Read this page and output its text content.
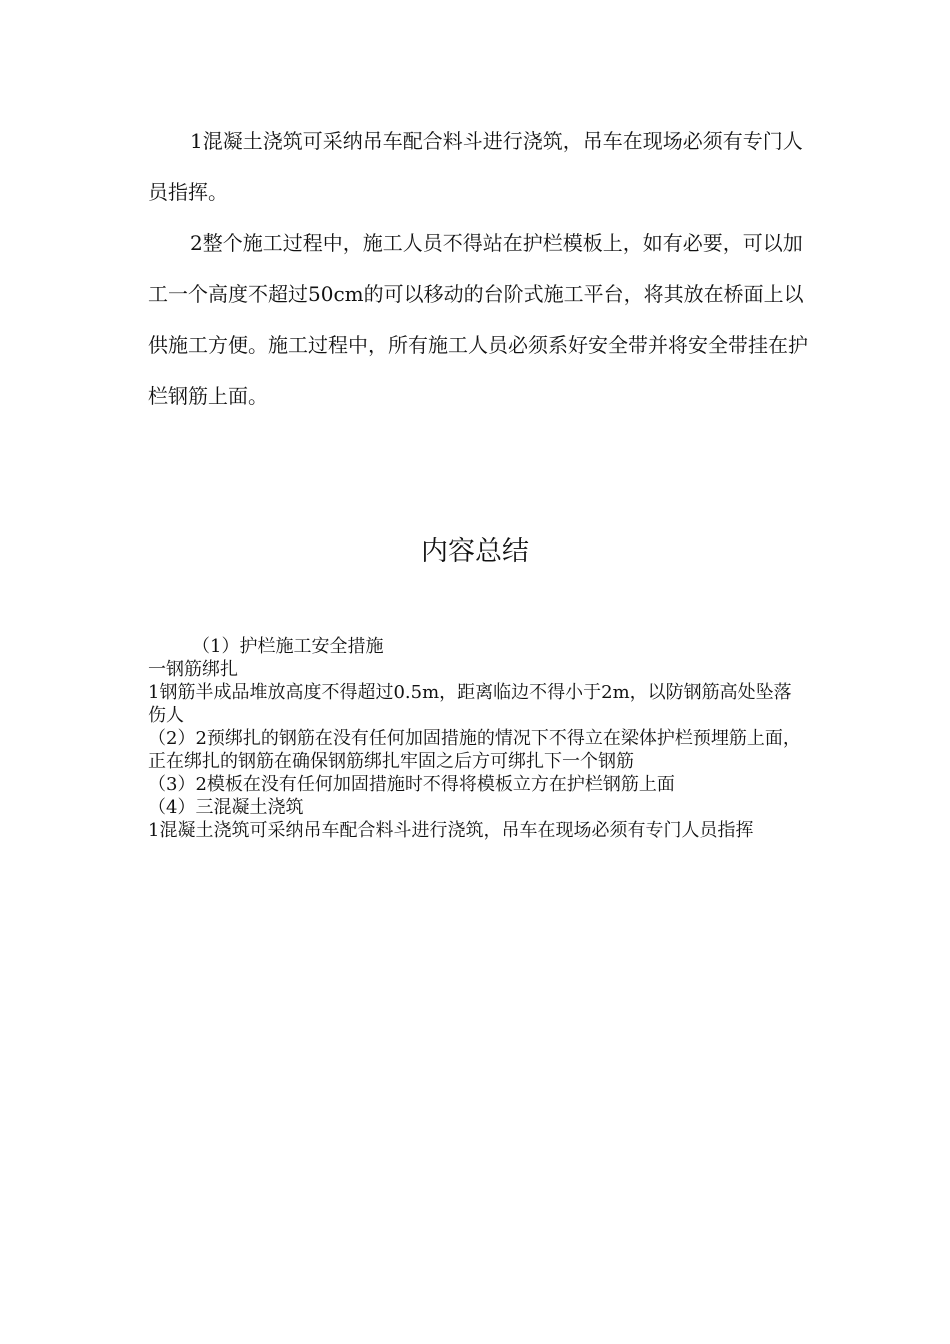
1混凝土浇筑可采纳吊车配合料斗进行浇筑，吊车在现场必须有专门人员指挥。

2整个施工过程中，施工人员不得站在护栏模板上，如有必要，可以加工一个高度不超过50cm的可以移动的台阶式施工平台，将其放在桥面上以供施工方便。施工过程中，所有施工人员必须系好安全带并将安全带挂在护栏钢筋上面。

内容总结
（1）护栏施工安全措施
一钢筋绑扎
1钢筋半成品堆放高度不得超过0.5m，距离临边不得小于2m，以防钢筋高处坠落伤人
（2）2预绑扎的钢筋在没有任何加固措施的情况下不得立在梁体护栏预埋筋上面，正在绑扎的钢筋在确保钢筋绑扎牢固之后方可绑扎下一个钢筋
（3）2模板在没有任何加固措施时不得将模板立方在护栏钢筋上面
（4）三混凝土浇筑
1混凝土浇筑可采纳吊车配合料斗进行浇筑，吊车在现场必须有专门人员指挥
